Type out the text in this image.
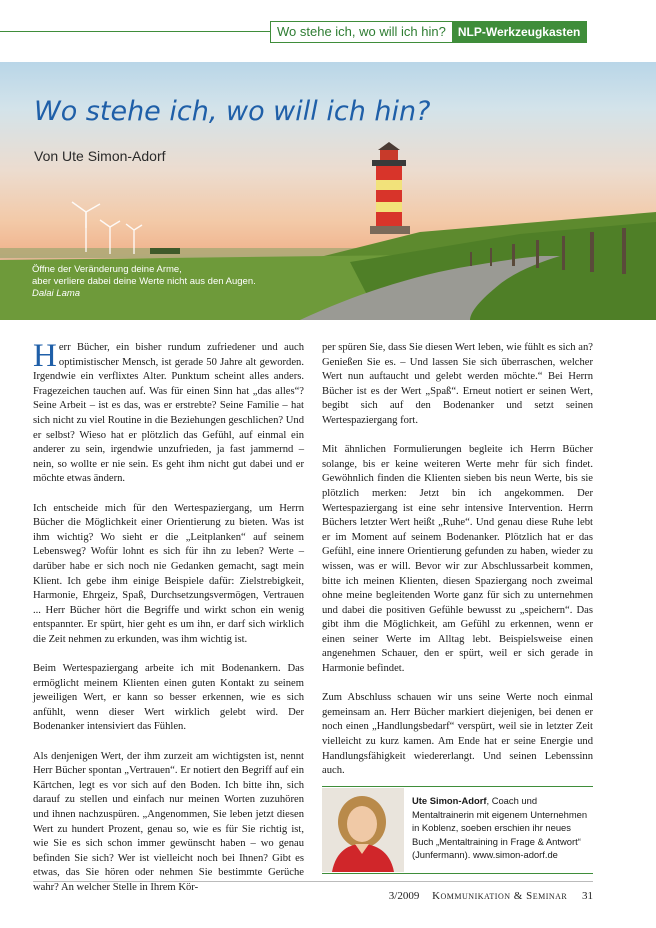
Wo stehe ich, wo will ich hin?	NLP-Werkzeugkasten
Wo stehe ich, wo will ich hin?
Von Ute Simon-Adorf
Öffne der Veränderung deine Arme,
aber verliere dabei deine Werte nicht aus den Augen.
Dalai Lama

Herr Bücher, ein bisher rundum zufriedener und auch optimistischer Mensch, ist gerade 50 Jahre alt geworden. Irgendwie ein verflixtes Alter. Punktum scheint alles anders. Fragezeichen tauchen auf. Was für einen Sinn hat „das alles“? Seine Arbeit – ist es das, was er erstrebte? Seine Familie – hat sich nicht zu viel Routine in die Beziehungen geschlichen? Und er selbst? Wieso hat er plötzlich das Gefühl, auf einmal ein anderer zu sein, irgendwie unzufrieden, ja fast jammernd – nein, so wollte er nie sein. Es geht ihm nicht gut dabei und er möchte etwas ändern.

Ich entscheide mich für den Wertespaziergang, um Herrn Bücher die Möglichkeit einer Orientierung zu bieten. Was ist ihm wichtig? Wo sieht er die „Leitplanken“ auf seinem Lebensweg? Wofür lohnt es sich für ihn zu leben? Werte – darüber habe er sich noch nie Gedanken gemacht, sagt mein Klient. Ich gebe ihm einige Beispiele dafür: Zielstrebigkeit, Harmonie, Ehrgeiz, Spaß, Durchsetzungsvermögen, Vertrauen ... Herr Bücher hört die Begriffe und wirkt schon ein wenig entspannter. Er spürt, hier geht es um ihn, er darf sich wirklich die Zeit nehmen zu erkunden, was ihm wichtig ist.

Beim Wertespaziergang arbeite ich mit Bodenankern. Das ermöglicht meinem Klienten einen guten Kontakt zu seinem jeweiligen Wert, er kann so besser erkennen, wie es sich anfühlt, wenn dieser Wert wirklich gelebt wird. Der Bodenanker intensiviert das Fühlen.

Als denjenigen Wert, der ihm zurzeit am wichtigsten ist, nennt Herr Bücher spontan „Vertrauen“. Er notiert den Begriff auf ein Kärtchen, legt es vor sich auf den Boden. Ich bitte ihn, sich darauf zu stellen und einfach nur meinen Worten zuzuhören und ihnen nachzuspüren. „Angenommen, Sie leben jetzt diesen Wert zu hundert Prozent, genau so, wie es für Sie richtig ist, wie Sie es sich schon immer gewünscht haben – wo genau befinden Sie sich? Wer ist vielleicht noch bei Ihnen? Gibt es etwas, das Sie hören oder nehmen Sie bestimmte Gerüche wahr? An welcher Stelle in Ihrem Kör-

per spüren Sie, dass Sie diesen Wert leben, wie fühlt es sich an? Genießen Sie es. – Und lassen Sie sich überraschen, welcher Wert nun auftaucht und gelebt werden möchte.“ Bei Herrn Bücher ist es der Wert „Spaß“. Erneut notiert er seinen Wert, begibt sich auf den Bodenanker und setzt seinen Wertespaziergang fort.

Mit ähnlichen Formulierungen begleite ich Herrn Bücher solange, bis er keine weiteren Werte mehr für sich findet. Gewöhnlich finden die Klienten sieben bis neun Werte, bis sie plötzlich merken: Jetzt bin ich angekommen. Der Wertespaziergang ist eine sehr intensive Intervention. Herrn Büchers letzter Wert heißt „Ruhe“. Und genau diese Ruhe lebt er im Moment auf seinem Bodenanker. Plötzlich hat er das Gefühl, eine innere Orientierung gefunden zu haben, wieder zu wissen, was er will. Bevor wir zur Abschlussarbeit kommen, bitte ich meinen Klienten, diesen Spaziergang noch zweimal ohne meine begleitenden Worte ganz für sich zu unternehmen und dabei die positiven Gefühle bewusst zu „speichern“. Das gibt ihm die Möglichkeit, am Gefühl zu erkennen, wenn er einen seiner Werte im Alltag lebt. Beispielsweise einen angenehmen Schauer, den er spürt, weil er sich gerade in Harmonie befindet.

Zum Abschluss schauen wir uns seine Werte noch einmal gemeinsam an. Herr Bücher markiert diejenigen, bei denen er noch einen „Handlungsbedarf“ verspürt, weil sie in letzter Zeit vielleicht zu kurz kamen. Am Ende hat er seine Energie und Handlungsfähigkeit wiedererlangt. Und seinen Lebenssinn auch.

Ute Simon-Adorf, Coach und Mentaltrainerin mit eigenem Unternehmen in Koblenz, soeben erschien ihr neues Buch „Mentaltraining in Frage & Antwort“ (Junfermann). www.simon-adorf.de
3/2009 Kommunikation & Seminar 31
